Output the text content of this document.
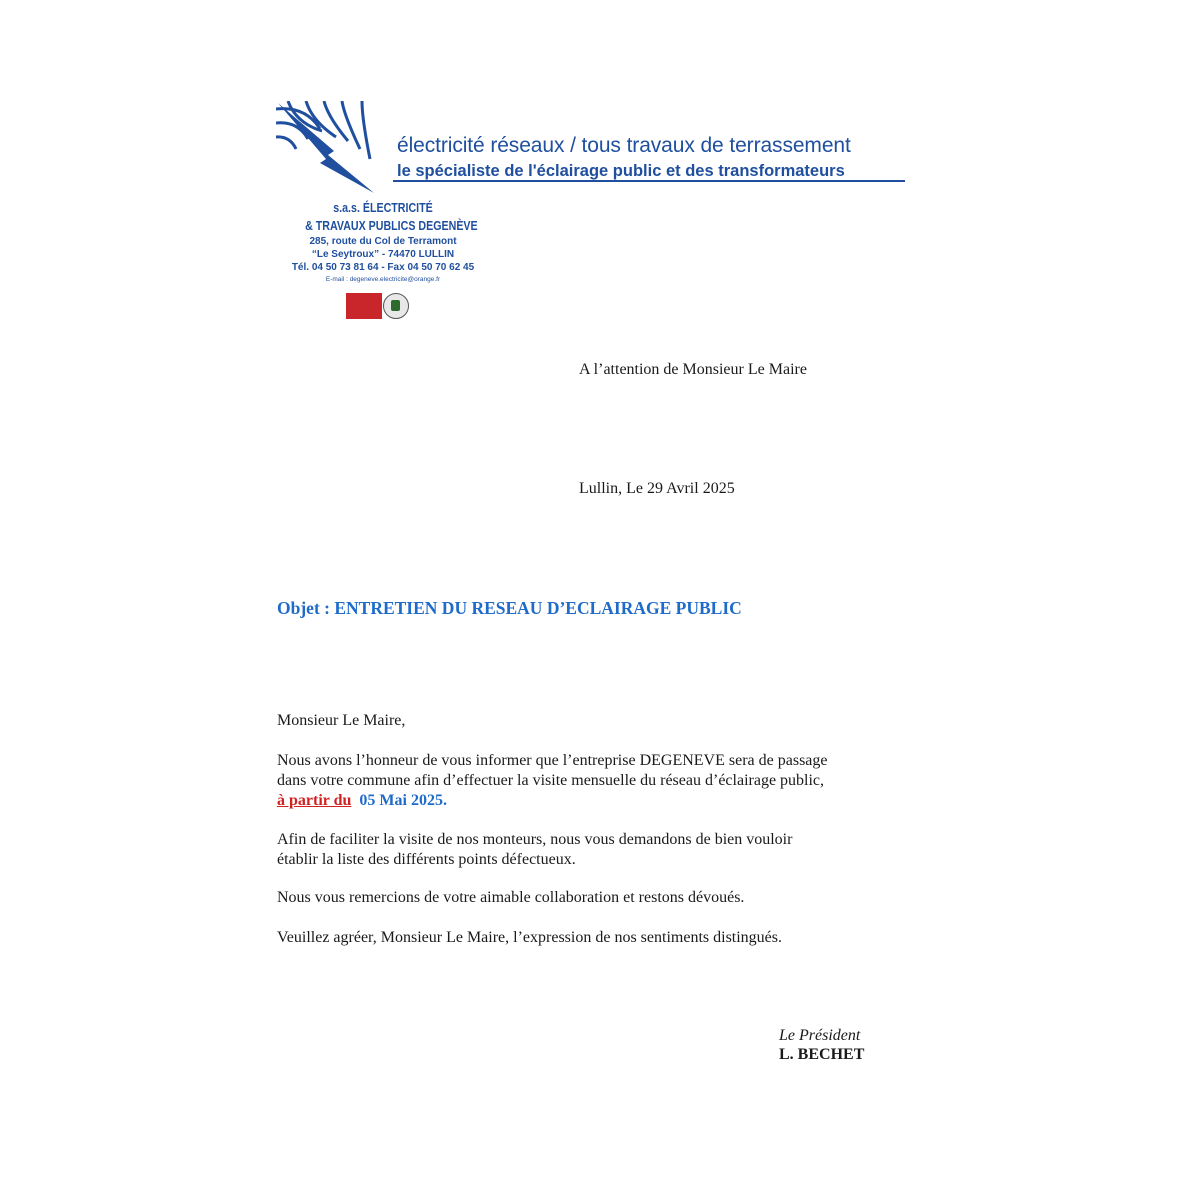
électricité réseaux / tous travaux de terrassement
le spécialiste de l'éclairage public et des transformateurs
s.a.s. ÉLECTRICITÉ
& TRAVAUX PUBLICS DEGENÈVE
285, route du Col de Terramont
“Le Seytroux” - 74470 LULLIN
Tél. 04 50 73 81 64 - Fax 04 50 70 62 45
E-mail : degeneve.electricite@orange.fr
A l’attention de Monsieur Le Maire
Lullin, Le 29 Avril 2025
Objet : ENTRETIEN DU RESEAU D’ECLAIRAGE PUBLIC
Monsieur Le Maire,
Nous avons l’honneur de vous informer que l’entreprise DEGENEVE sera de passage
dans votre commune afin d’effectuer la visite mensuelle du réseau d’éclairage public,
à partir du 05 Mai 2025.
Afin de faciliter la visite de nos monteurs, nous vous demandons de bien vouloir
établir la liste des différents points défectueux.
Nous vous remercions de votre aimable collaboration et restons dévoués.
Veuillez agréer, Monsieur Le Maire, l’expression de nos sentiments distingués.
Le Président
L. BECHET
